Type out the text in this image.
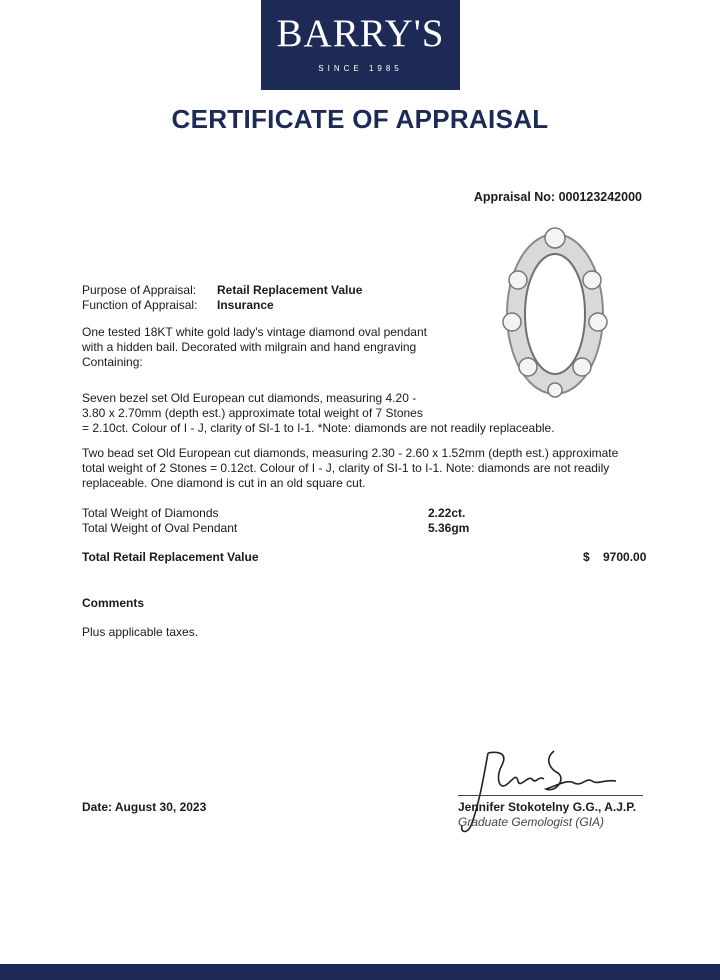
BARRY'S
SINCE 1985
CERTIFICATE OF APPRAISAL
Appraisal No: 000123242000
Purpose of Appraisal: Retail Replacement Value
Function of Appraisal: Insurance

One tested 18KT white gold lady's vintage diamond oval pendant
with a hidden bail. Decorated with milgrain and hand engraving
Containing:

Seven bezel set Old European cut diamonds, measuring 4.20 -
3.80 x 2.70mm (depth est.) approximate total weight of 7 Stones
= 2.10ct. Colour of I - J, clarity of SI-1 to I-1. *Note: diamonds are not readily replaceable.

Two bead set Old European cut diamonds, measuring 2.30 - 2.60 x 1.52mm (depth est.) approximate
total weight of 2 Stones = 0.12ct. Colour of I - J, clarity of SI-1 to I-1. Note: diamonds are not readily
replaceable. One diamond is cut in an old square cut.

Total Weight of Diamonds	2.22ct.
Total Weight of Oval Pendant	5.36gm
Total Retail Replacement Value	$ 9700.00
Comments
Plus applicable taxes.
Date: August 30, 2023	Jennifer Stokotelny G.G., A.J.P.
Graduate Gemologist (GIA)
